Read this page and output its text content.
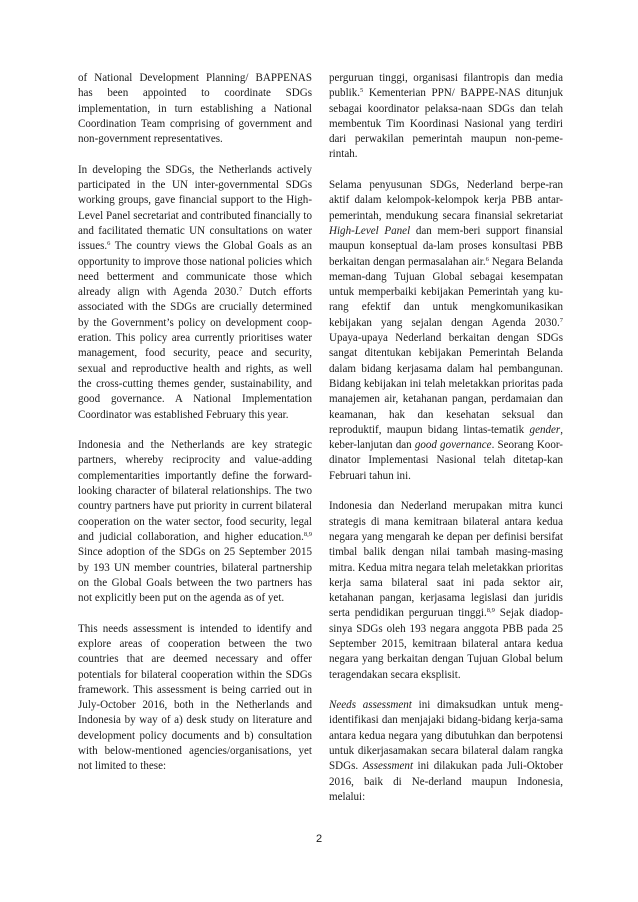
of National Development Planning/ BAPPENAS has been appointed to coordinate SDGs implementation, in turn establishing a National Coordination Team comprising of government and non-government representatives.

In developing the SDGs, the Netherlands actively participated in the UN inter-governmental SDGs working groups, gave financial support to the High-Level Panel secretariat and contributed financially to and facilitated thematic UN consultations on water issues.$^6$ The country views the Global Goals as an opportunity to improve those national policies which need betterment and communicate those which already align with Agenda 2030.$^7$ Dutch efforts associated with the SDGs are crucially determined by the Government’s policy on development coop-eration. This policy area currently prioritises water management, food security, peace and security, sexual and reproductive health and rights, as well the cross-cutting themes gender, sustainability, and good governance. A National Implementation Coordinator was established February this year.

Indonesia and the Netherlands are key strategic partners, whereby reciprocity and value-adding complementarities importantly define the forward-looking character of bilateral relationships. The two country partners have put priority in current bilateral cooperation on the water sector, food security, legal and judicial collaboration, and higher education.$^{8,9}$ Since adoption of the SDGs on 25 September 2015 by 193 UN member countries, bilateral partnership on the Global Goals between the two partners has not explicitly been put on the agenda as of yet.

This needs assessment is intended to identify and explore areas of cooperation between the two countries that are deemed necessary and offer potentials for bilateral cooperation within the SDGs framework. This assessment is being carried out in July-October 2016, both in the Netherlands and Indonesia by way of a) desk study on literature and development policy documents and b) consultation with below-mentioned agencies/organisations, yet not limited to these:

perguruan tinggi, organisasi filantropis dan media publik.$^5$ Kementerian PPN/ BAPPE-NAS ditunjuk sebagai koordinator pelaksa-naan SDGs dan telah membentuk Tim Koordinasi Nasional yang terdiri dari perwakilan pemerintah maupun non-peme-rintah.

Selama penyusunan SDGs, Nederland berpe-ran aktif dalam kelompok-kelompok kerja PBB antar-pemerintah, mendukung secara finansial sekretariat High-Level Panel dan mem-beri support finansial maupun konseptual da-lam proses konsultasi PBB berkaitan dengan permasalahan air.$^6$ Negara Belanda meman-dang Tujuan Global sebagai kesempatan untuk memperbaiki kebijakan Pemerintah yang ku-rang efektif dan untuk mengkomunikasikan kebijakan yang sejalan dengan Agenda 2030.$^7$ Upaya-upaya Nederland berkaitan dengan SDGs sangat ditentukan kebijakan Pemerintah Belanda dalam bidang kerjasama dalam hal pembangunan. Bidang kebijakan ini telah meletakkan prioritas pada manajemen air, ketahanan pangan, perdamaian dan keamanan, hak dan kesehatan seksual dan reproduktif, maupun bidang lintas-tematik gender, keber-lanjutan dan good governance. Seorang Koor-dinator Implementasi Nasional telah ditetap-kan Februari tahun ini.

Indonesia dan Nederland merupakan mitra kunci strategis di mana kemitraan bilateral antara kedua negara yang mengarah ke depan per definisi bersifat timbal balik dengan nilai tambah masing-masing mitra. Kedua mitra negara telah meletakkan prioritas kerja sama bilateral saat ini pada sektor air, ketahanan pangan, kerjasama legislasi dan juridis serta pendidikan perguruan tinggi.$^{8,9}$ Sejak diadop-sinya SDGs oleh 193 negara anggota PBB pada 25 September 2015, kemitraan bilateral antara kedua negara yang berkaitan dengan Tujuan Global belum teragendakan secara eksplisit.

Needs assessment ini dimaksudkan untuk meng-identifikasi dan menjajaki bidang-bidang kerja-sama antara kedua negara yang dibutuhkan dan berpotensi untuk dikerjasamakan secara bilateral dalam rangka SDGs. Assessment ini dilakukan pada Juli-Oktober 2016, baik di Ne-derland maupun Indonesia, melalui:

2
